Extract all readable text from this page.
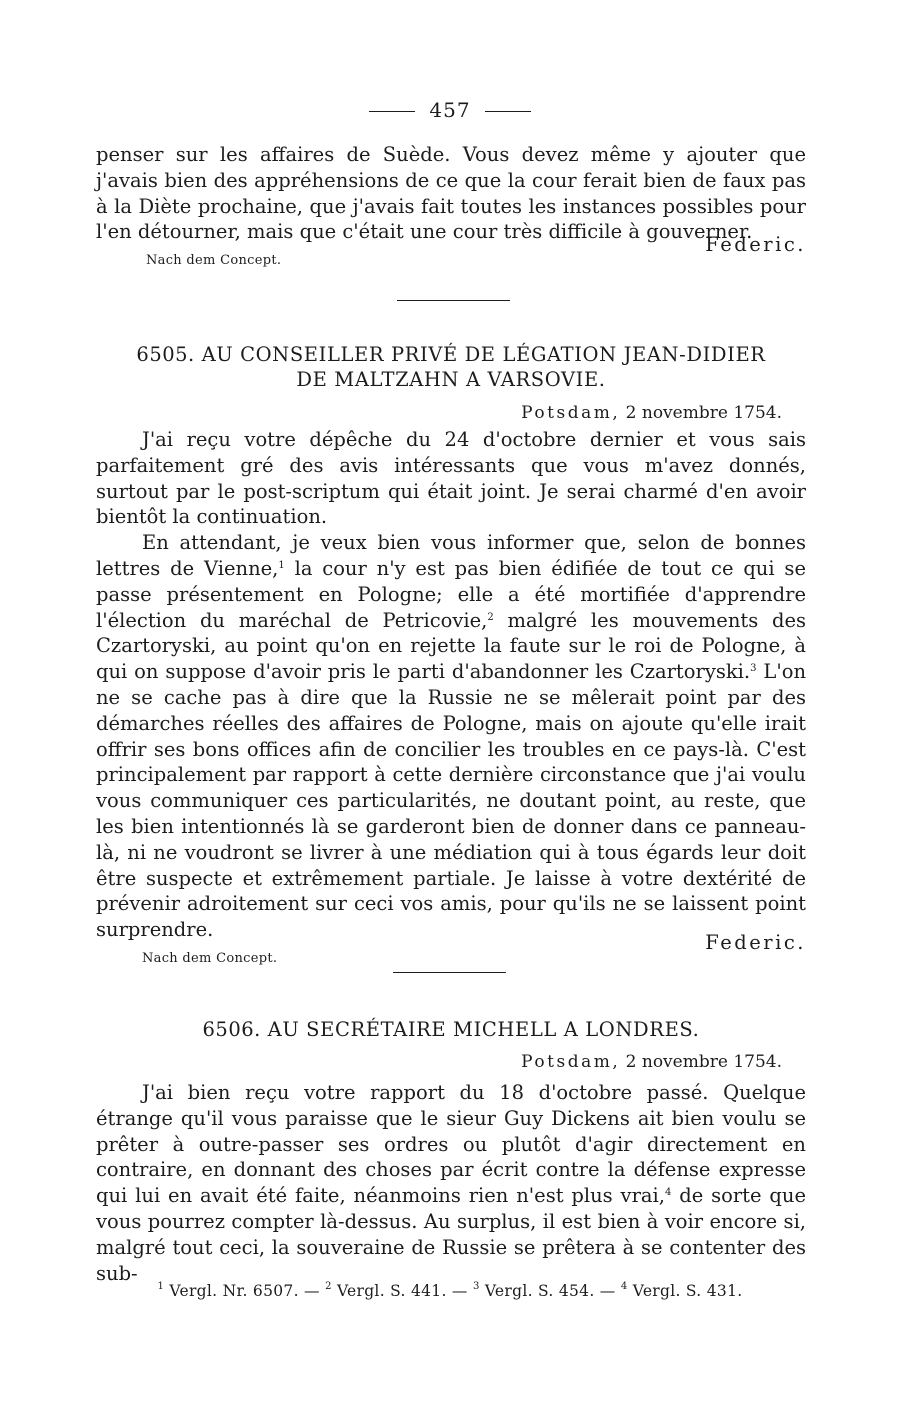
457

penser sur les affaires de Suède. Vous devez même y ajouter que j'avais bien des appréhensions de ce que la cour ferait bien de faux pas à la Diète prochaine, que j'avais fait toutes les instances possibles pour l'en détourner, mais que c'était une cour très difficile à gouverner.

Federic.

Nach dem Concept.

6505. AU CONSEILLER PRIVÉ DE LÉGATION JEAN-DIDIER
DE MALTZAHN A VARSOVIE.

Potsdam, 2 novembre 1754.

J'ai reçu votre dépêche du 24 d'octobre dernier et vous sais parfaitement gré des avis intéressants que vous m'avez donnés, surtout par le post-scriptum qui était joint. Je serai charmé d'en avoir bientôt la continuation.

En attendant, je veux bien vous informer que, selon de bonnes lettres de Vienne,$^1$ la cour n'y est pas bien édifiée de tout ce qui se passe présentement en Pologne; elle a été mortifiée d'apprendre l'élection du maréchal de Petricovie,$^2$ malgré les mouvements des Czartoryski, au point qu'on en rejette la faute sur le roi de Pologne, à qui on suppose d'avoir pris le parti d'abandonner les Czartoryski.$^3$ L'on ne se cache pas à dire que la Russie ne se mêlerait point par des démarches réelles des affaires de Pologne, mais on ajoute qu'elle irait offrir ses bons offices afin de concilier les troubles en ce pays-là. C'est principalement par rapport à cette dernière circonstance que j'ai voulu vous communiquer ces particularités, ne doutant point, au reste, que les bien intentionnés là se garderont bien de donner dans ce panneau-là, ni ne voudront se livrer à une médiation qui à tous égards leur doit être suspecte et extrêmement partiale. Je laisse à votre dextérité de prévenir adroitement sur ceci vos amis, pour qu'ils ne se laissent point surprendre.

Federic.

Nach dem Concept.

6506. AU SECRÉTAIRE MICHELL A LONDRES.

Potsdam, 2 novembre 1754.

J'ai bien reçu votre rapport du 18 d'octobre passé. Quelque étrange qu'il vous paraisse que le sieur Guy Dickens ait bien voulu se prêter à outre-passer ses ordres ou plutôt d'agir directement en contraire, en donnant des choses par écrit contre la défense expresse qui lui en avait été faite, néanmoins rien n'est plus vrai,$^4$ de sorte que vous pourrez compter là-dessus. Au surplus, il est bien à voir encore si, malgré tout ceci, la souveraine de Russie se prêtera à se contenter des sub-

$^1$ Vergl. Nr. 6507. — $^2$ Vergl. S. 441. — $^3$ Vergl. S. 454. — $^4$ Vergl. S. 431.
